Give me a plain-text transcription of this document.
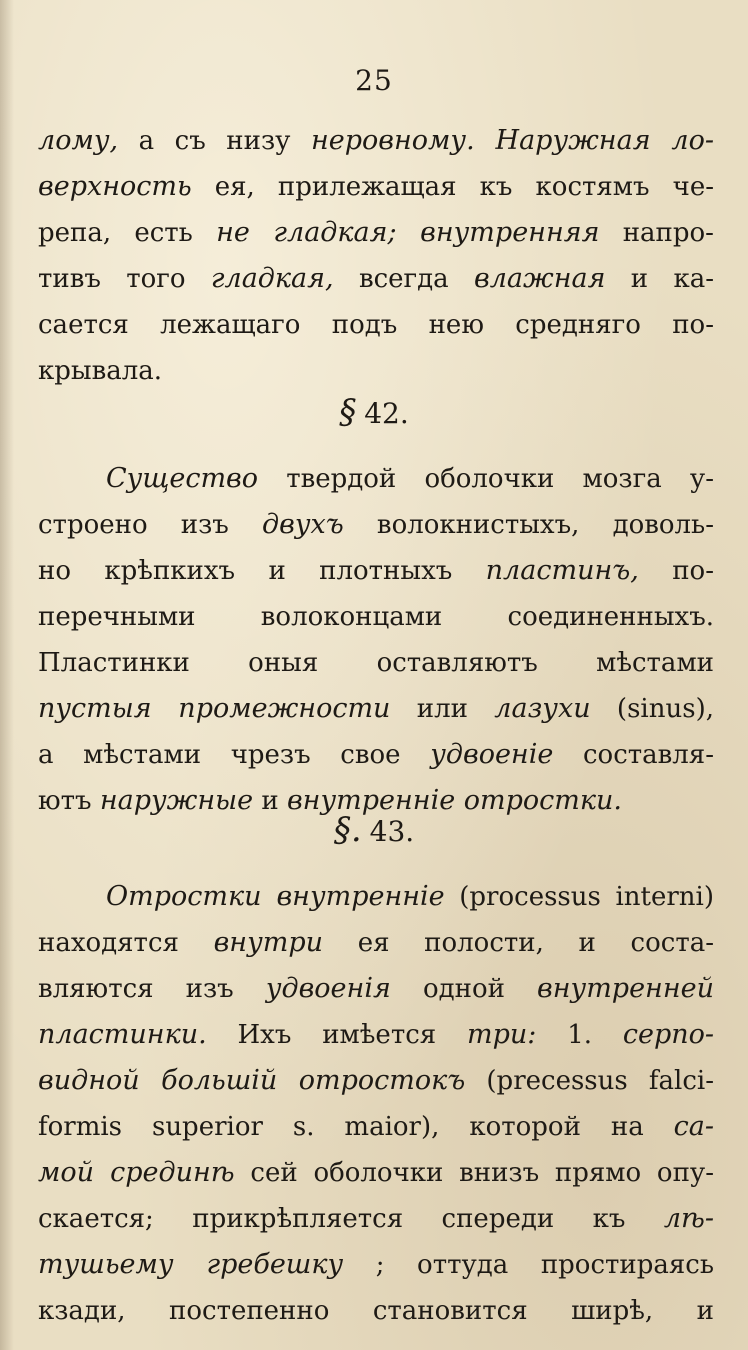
25
лому, а съ низу неровному. Наружная ло-
верхность ея, прилежащая къ костямъ че-
репа, есть не гладкая; внутренняя напро-
тивъ того гладкая, всегда влажная и ка-
сается лежащаго подъ нею средняго по-
крывала.
§ 42.
Существо твердой оболочки мозга у-
строено изъ двухъ волокнистыхъ, доволь-
но крѣпкихъ и плотныхъ пластинъ, по-
перечными волоконцами соединенныхъ.
Пластинки оныя оставляютъ мѣстами
пустыя промежности или лазухи (sinus),
а мѣстами чрезъ свое удвоеніе составля-
ютъ наружные и внутренніе отростки.
§. 43.
Отростки внутренніе (processus interni)
находятся внутри ея полости, и соста-
вляются изъ удвоенія одной внутренней
пластинки. Ихъ имѣется три: 1. серпо-
видной большій отростокъ (precessus falci-
formis superior s. maior), которой на са-
мой срединѣ сей оболочки внизъ прямо опу-
скается; прикрѣпляется спереди къ лѣ-
тушьему гребешку ; оттуда простираясь
кзади, постепенно становится ширѣ, и
